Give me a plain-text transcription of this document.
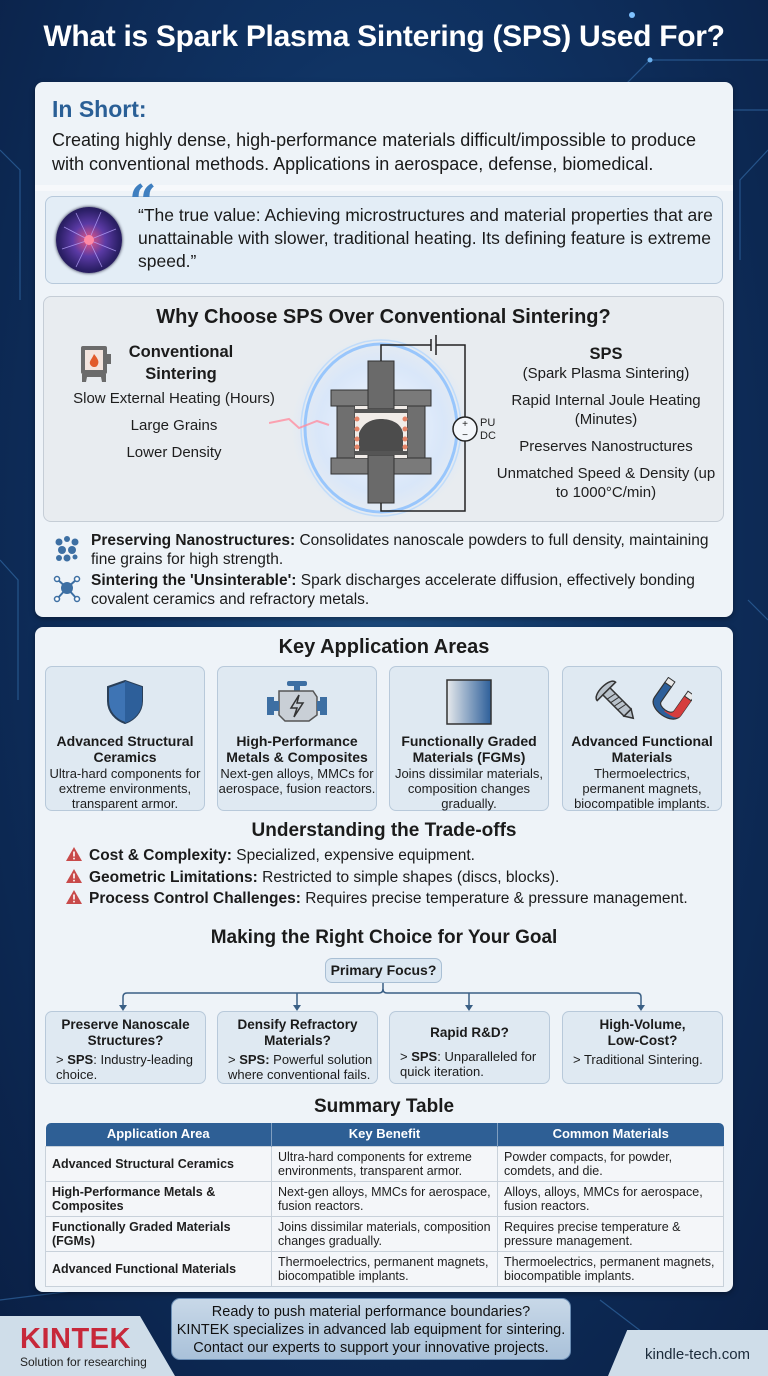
What is Spark Plasma Sintering (SPS) Used For?
In Short:
Creating highly dense, high-performance materials difficult/impossible to produce with conventional methods. Applications in aerospace, defense, biomedical.
“
“The true value: Achieving microstructures and material properties that are unattainable with slower, traditional heating. Its defining feature is extreme speed.”
Why Choose SPS Over Conventional Sintering?
Conventional Sintering
Slow External Heating (Hours)
Large Grains
Lower Density
+
−
PU
DC
SPS
(Spark Plasma Sintering)
Rapid Internal Joule Heating (Minutes)
Preserves Nanostructures
Unmatched Speed & Density (up to 1000°C/min)
Preserving Nanostructures: Consolidates nanoscale powders to full density, maintaining fine grains for high strength.
Sintering the 'Unsinterable': Spark discharges accelerate diffusion, effectively bonding covalent ceramics and refractory metals.
Key Application Areas
Advanced Structural Ceramics
Ultra-hard components for extreme environments, transparent armor.
High-Performance Metals & Composites
Next-gen alloys, MMCs for aerospace, fusion reactors.
Functionally Graded Materials (FGMs)
Joins dissimilar materials, composition changes gradually.
Advanced Functional Materials
Thermoelectrics, permanent magnets, biocompatible implants.
Understanding the Trade-offs
Cost & Complexity: Specialized, expensive equipment.
Geometric Limitations: Restricted to simple shapes (discs, blocks).
Process Control Challenges: Requires precise temperature & pressure management.
Making the Right Choice for Your Goal
Primary Focus?
Preserve Nanoscale Structures?
> SPS: Industry-leading choice.
Densify Refractory Materials?
> SPS: Powerful solution where conventional fails.
Rapid R&D?
> SPS: Unparalleled for quick iteration.
High-Volume, Low-Cost?
> Traditional Sintering.
Summary Table
Application Area	Key Benefit	Common Materials
Advanced Structural Ceramics	Ultra-hard components for extreme environments, transparent armor.	Powder compacts, for powder, comdets, and die.
High-Performance Metals & Composites	Next-gen alloys, MMCs for aerospace, fusion reactors.	Alloys, alloys, MMCs for aerospace, fusion reactors.
Functionally Graded Materials (FGMs)	Joins dissimilar materials, composition changes gradually.	Requires precise temperature & pressure management.
Advanced Functional Materials	Thermoelectrics, permanent magnets, biocompatible implants.	Thermoelectrics, permanent magnets, biocompatible implants.
KINTEK
Solution for researching
Ready to push material performance boundaries?
KINTEK specializes in advanced lab equipment for sintering.
Contact our experts to support your innovative projects.	kindle-tech.com
